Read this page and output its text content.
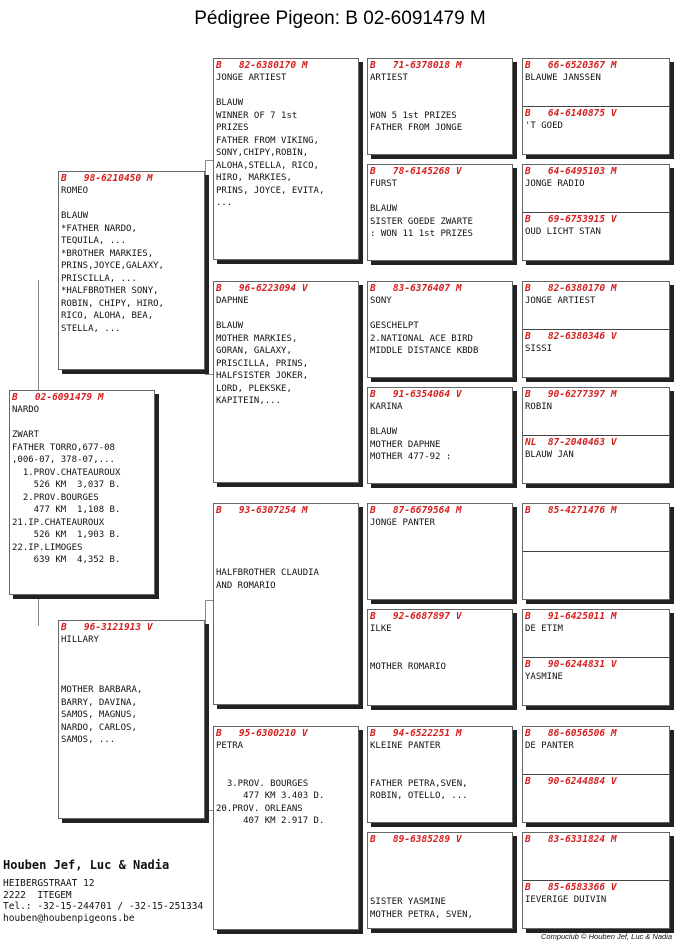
Pédigree Pigeon: B 02-6091479 M
B 02-6091479 M
NARDO

ZWART
FATHER TORRO,677-08
,006-07, 378-07,...
1.PROV.CHATEAUROUX
526 KM  3,037 B.
2.PROV.BOURGES
477 KM  1,108 B.
21.IP.CHATEAUROUX
526 KM  1,903 B.
22.IP.LIMOGES
639 KM  4,352 B.
B 98-6210450 M
ROMEO

BLAUW
*FATHER NARDO,
TEQUILA, ...
*BROTHER MARKIES,
PRINS,JOYCE,GALAXY,
PRISCILLA, ...
*HALFBROTHER SONY,
ROBIN, CHIPY, HIRO,
RICO, ALOHA, BEA,
STELLA, ...
B 96-3121913 V
HILLARY

MOTHER BARBARA,
BARRY, DAVINA,
SAMOS, MAGNUS,
NARDO, CARLOS,
SAMOS, ...
B 82-6380170 M
JONGE ARTIEST

BLAUW
WINNER OF 7 1st
PRIZES
FATHER FROM VIKING,
SONY,CHIPY,ROBIN,
ALOHA,STELLA, RICO,
HIRO, MARKIES,
PRINS, JOYCE, EVITA,
...
B 96-6223094 V
DAPHNE

BLAUW
MOTHER MARKIES,
GORAN, GALAXY,
PRISCILLA, PRINS,
HALFSISTER JOKER,
LORD, PLEKSKE,
KAPITEIN,...
B 93-6307254 M

HALFBROTHER CLAUDIA
AND ROMARIO
B 95-6300210 V
PETRA

3.PROV. BOURGES
477 KM 3.403 D.
20.PROV. ORLEANS
407 KM 2.917 D.
B 71-6378018 M
ARTIEST

WON 5 1st PRIZES
FATHER FROM JONGE
B 78-6145268 V
FURST

BLAUW
SISTER GOEDE ZWARTE
: WON 11 1st PRIZES
B 83-6376407 M
SONY

GESCHELPT
2.NATIONAL ACE BIRD
MIDDLE DISTANCE KBDB
B 91-6354064 V
KARINA

BLAUW
MOTHER DAPHNE
MOTHER 477-92 :
B 87-6679564 M
JONGE PANTER
B 92-6687897 V
ILKE

MOTHER ROMARIO
B 94-6522251 M
KLEINE PANTER

FATHER PETRA,SVEN,
ROBIN, OTELLO, ...
B 89-6385289 V

SISTER YASMINE
MOTHER PETRA, SVEN,
B 66-6520367 M
BLAUWE JANSSEN
B 64-6140875 V
'T GOED
B 64-6495103 M
JONGE RADIO
B 69-6753915 V
OUD LICHT STAN
B 82-6380170 M
JONGE ARTIEST
B 82-6380346 V
SISSI
B 90-6277397 M
ROBIN
NL 87-2040463 V
BLAUW JAN
B 85-4271476 M
B 91-6425011 M
DE ETIM
B 90-6244831 V
YASMINE
B 86-6056506 M
DE PANTER
B 90-6244884 V
B 83-6331824 M
B 85-6583366 V
IEVERIGE DUIVIN
Houben Jef, Luc & Nadia
HEIBERGSTRAAT 12
2222  ITEGEM
Tel.: -32-15-244701 / -32-15-251334
houben@houbenpigeons.be
Compuclub © Houben Jef, Luc & Nadia
